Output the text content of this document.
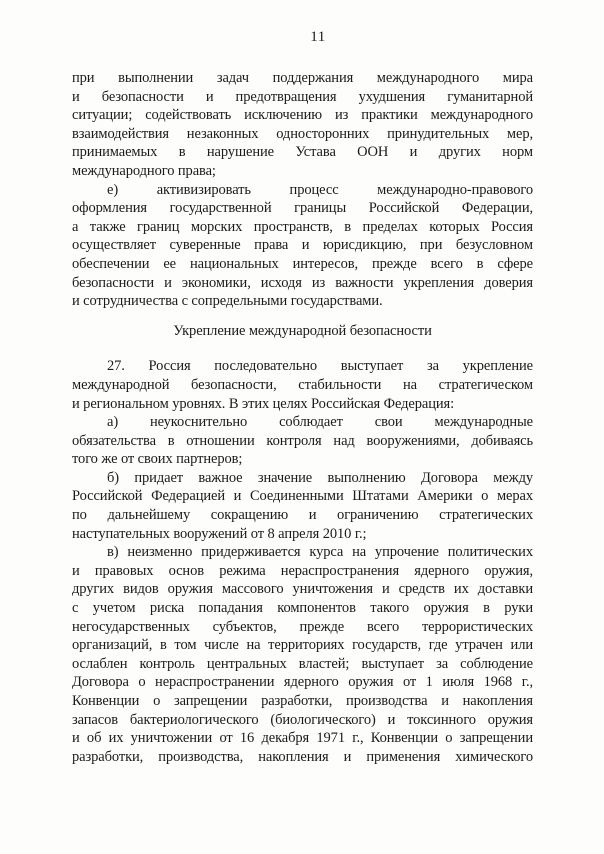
11
при выполнении задач поддержания международного мира
и безопасности и предотвращения ухудшения гуманитарной
ситуации; содействовать исключению из практики международного
взаимодействия незаконных односторонних принудительных мер,
принимаемых в нарушение Устава ООН и других норм
международного права;
е) активизировать процесс международно-правового
оформления государственной границы Российской Федерации,
а также границ морских пространств, в пределах которых Россия
осуществляет суверенные права и юрисдикцию, при безусловном
обеспечении ее национальных интересов, прежде всего в сфере
безопасности и экономики, исходя из важности укрепления доверия
и сотрудничества с сопредельными государствами.
Укрепление международной безопасности
27. Россия последовательно выступает за укрепление
международной безопасности, стабильности на стратегическом
и региональном уровнях. В этих целях Российская Федерация:
а) неукоснительно соблюдает свои международные
обязательства в отношении контроля над вооружениями, добиваясь
того же от своих партнеров;
б) придает важное значение выполнению Договора между
Российской Федерацией и Соединенными Штатами Америки о мерах
по дальнейшему сокращению и ограничению стратегических
наступательных вооружений от 8 апреля 2010 г.;
в) неизменно придерживается курса на упрочение политических
и правовых основ режима нераспространения ядерного оружия,
других видов оружия массового уничтожения и средств их доставки
с учетом риска попадания компонентов такого оружия в руки
негосударственных субъектов, прежде всего террористических
организаций, в том числе на территориях государств, где утрачен или
ослаблен контроль центральных властей; выступает за соблюдение
Договора о нераспространении ядерного оружия от 1 июля 1968 г.,
Конвенции о запрещении разработки, производства и накопления
запасов бактериологического (биологического) и токсинного оружия
и об их уничтожении от 16 декабря 1971 г., Конвенции о запрещении
разработки, производства, накопления и применения химического
